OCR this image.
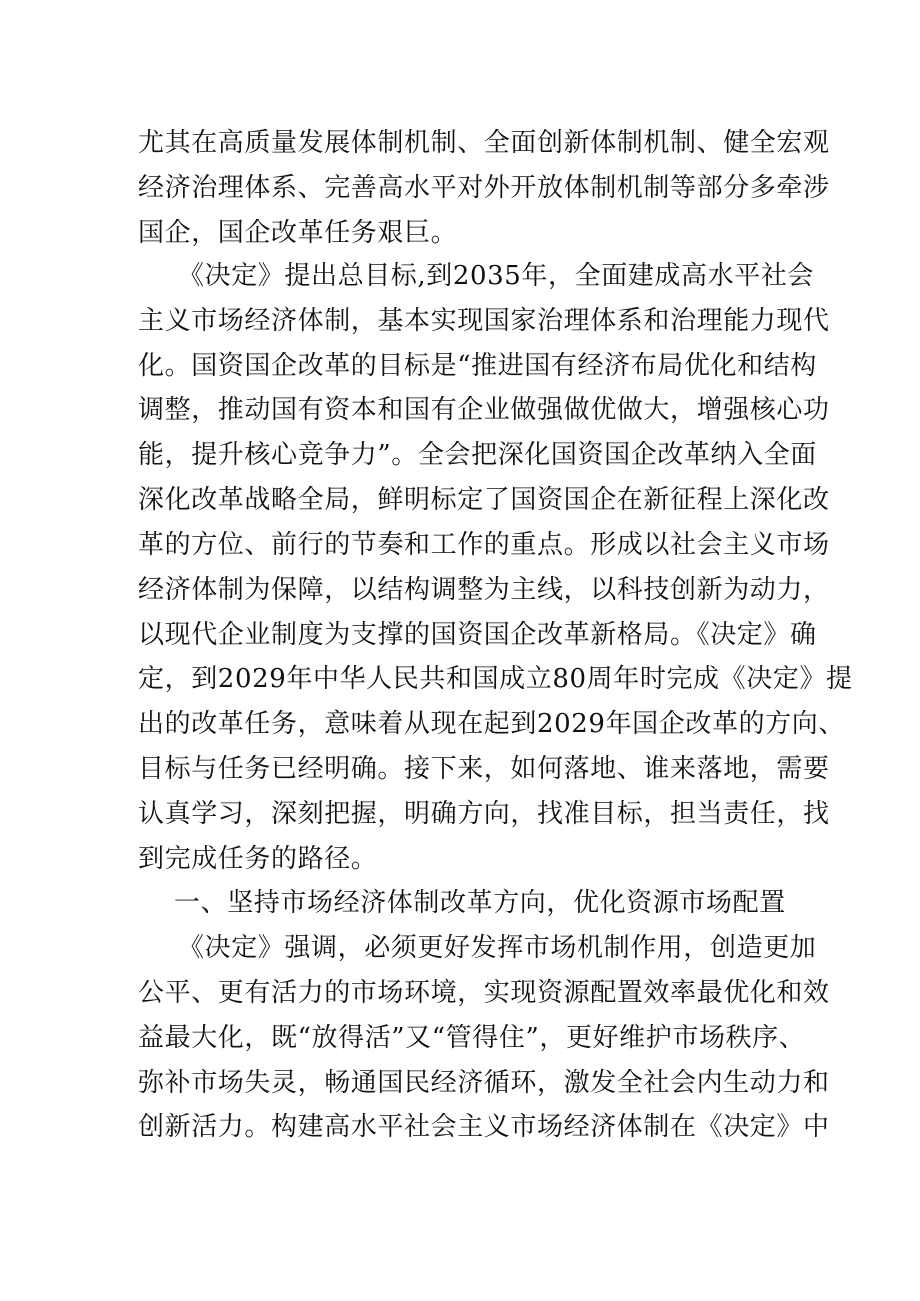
尤其在高质量发展体制机制、全面创新体制机制、健全宏观

经济治理体系、完善高水平对外开放体制机制等部分多牵涉

国企，国企改革任务艰巨。

《决定》提出总目标,到2035年，全面建成高水平社会

主义市场经济体制，基本实现国家治理体系和治理能力现代

化。国资国企改革的目标是“推进国有经济布局优化和结构

调整，推动国有资本和国有企业做强做优做大，增强核心功

能，提升核心竞争力”。全会把深化国资国企改革纳入全面

深化改革战略全局，鲜明标定了国资国企在新征程上深化改

革的方位、前行的节奏和工作的重点。形成以社会主义市场

经济体制为保障，以结构调整为主线，以科技创新为动力，

以现代企业制度为支撑的国资国企改革新格局。《决定》确

定，到2029年中华人民共和国成立80周年时完成《决定》提

出的改革任务，意味着从现在起到2029年国企改革的方向、

目标与任务已经明确。接下来，如何落地、谁来落地，需要

认真学习，深刻把握，明确方向，找准目标，担当责任，找

到完成任务的路径。

一、坚持市场经济体制改革方向，优化资源市场配置

《决定》强调，必须更好发挥市场机制作用，创造更加

公平、更有活力的市场环境，实现资源配置效率最优化和效

益最大化，既“放得活”又“管得住”，更好维护市场秩序、

弥补市场失灵，畅通国民经济循环，激发全社会内生动力和

创新活力。构建高水平社会主义市场经济体制在《决定》中
